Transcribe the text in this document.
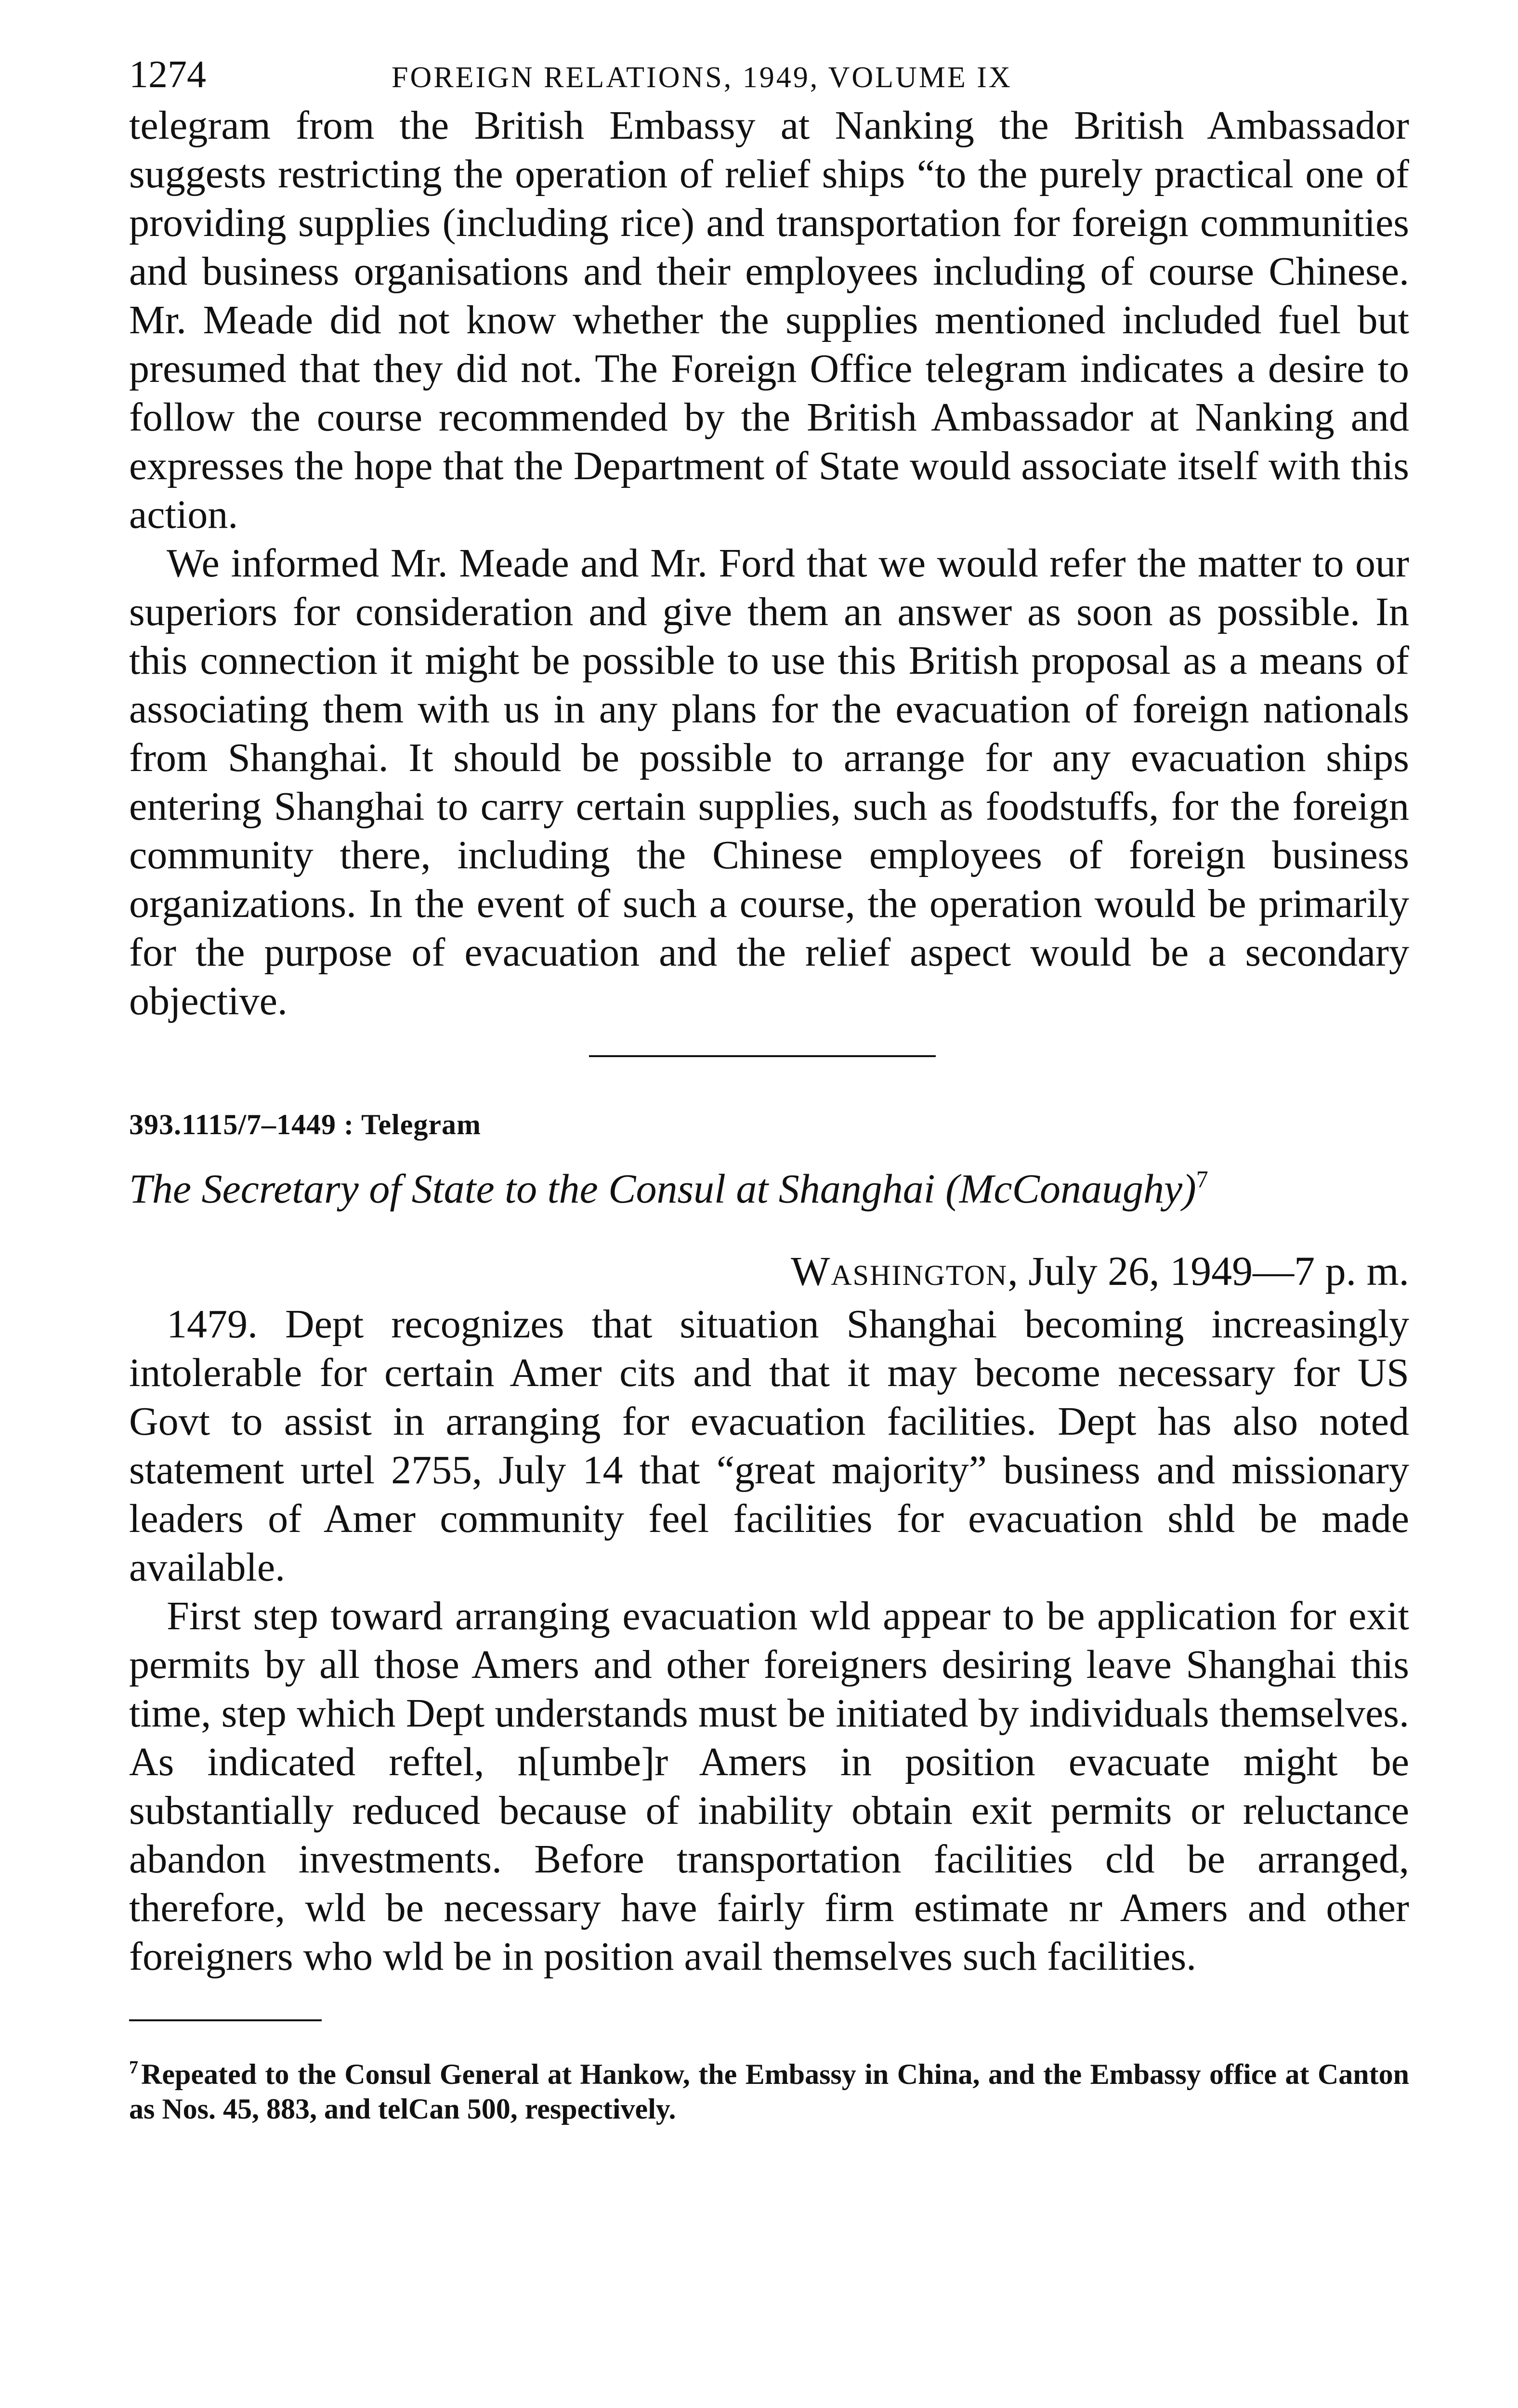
1274	FOREIGN RELATIONS, 1949, VOLUME IX

telegram from the British Embassy at Nanking the British Ambassador suggests restricting the operation of relief ships “to the purely practical one of providing supplies (including rice) and transportation for foreign communities and business organisations and their employees including of course Chinese. Mr. Meade did not know whether the supplies mentioned included fuel but presumed that they did not. The Foreign Office telegram indicates a desire to follow the course recommended by the British Ambassador at Nanking and expresses the hope that the Department of State would associate itself with this action.

We informed Mr. Meade and Mr. Ford that we would refer the matter to our superiors for consideration and give them an answer as soon as possible. In this connection it might be possible to use this British proposal as a means of associating them with us in any plans for the evacuation of foreign nationals from Shanghai. It should be possible to arrange for any evacuation ships entering Shanghai to carry certain supplies, such as foodstuffs, for the foreign community there, including the Chinese employees of foreign business organizations. In the event of such a course, the operation would be primarily for the purpose of evacuation and the relief aspect would be a secondary objective.

393.1115/7–1449 : Telegram

The Secretary of State to the Consul at Shanghai (McConaughy)$^7$

Washington, July 26, 1949—7 p. m.

1479. Dept recognizes that situation Shanghai becoming increasingly intolerable for certain Amer cits and that it may become necessary for US Govt to assist in arranging for evacuation facilities. Dept has also noted statement urtel 2755, July 14 that “great majority” business and missionary leaders of Amer community feel facilities for evacuation shld be made available.

First step toward arranging evacuation wld appear to be application for exit permits by all those Amers and other foreigners desiring leave Shanghai this time, step which Dept understands must be initiated by individuals themselves. As indicated reftel, n[umbe]r Amers in position evacuate might be substantially reduced because of inability obtain exit permits or reluctance abandon investments. Before transportation facilities cld be arranged, therefore, wld be necessary have fairly firm estimate nr Amers and other foreigners who wld be in position avail themselves such facilities.

$^7$ Repeated to the Consul General at Hankow, the Embassy in China, and the Embassy office at Canton as Nos. 45, 883, and telCan 500, respectively.
